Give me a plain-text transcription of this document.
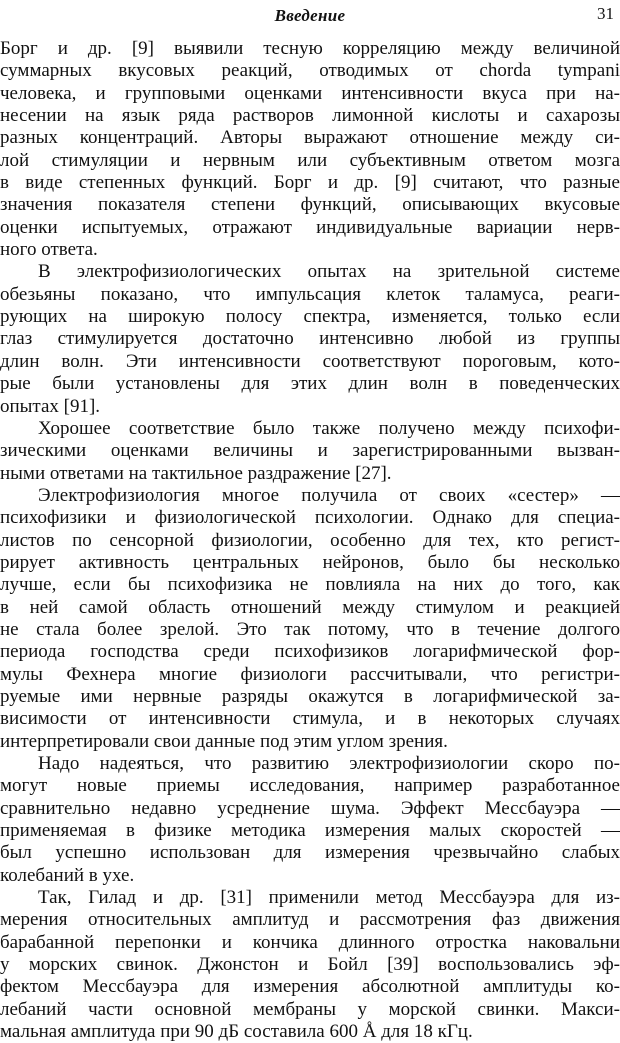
Введение	31
Борг и др. [9] выявили тесную корреляцию между величиной
суммарных вкусовых реакций, отводимых от chorda tympani
человека, и групповыми оценками интенсивности вкуса при на-
несении на язык ряда растворов лимонной кислоты и сахарозы
разных концентраций. Авторы выражают отношение между си-
лой стимуляции и нервным или субъективным ответом мозга
в виде степенных функций. Борг и др. [9] считают, что разные
значения показателя степени функций, описывающих вкусовые
оценки испытуемых, отражают индивидуальные вариации нерв-
ного ответа.
В электрофизиологических опытах на зрительной системе
обезьяны показано, что импульсация клеток таламуса, реаги-
рующих на широкую полосу спектра, изменяется, только если
глаз стимулируется достаточно интенсивно любой из группы
длин волн. Эти интенсивности соответствуют пороговым, кото-
рые были установлены для этих длин волн в поведенческих
опытах [91].
Хорошее соответствие было также получено между психофи-
зическими оценками величины и зарегистрированными вызван-
ными ответами на тактильное раздражение [27].
Электрофизиология многое получила от своих «сестер» —
психофизики и физиологической психологии. Однако для специа-
листов по сенсорной физиологии, особенно для тех, кто регист-
рирует активность центральных нейронов, было бы несколько
лучше, если бы психофизика не повлияла на них до того, как
в ней самой область отношений между стимулом и реакцией
не стала более зрелой. Это так потому, что в течение долгого
периода господства среди психофизиков логарифмической фор-
мулы Фехнера многие физиологи рассчитывали, что регистри-
руемые ими нервные разряды окажутся в логарифмической за-
висимости от интенсивности стимула, и в некоторых случаях
интерпретировали свои данные под этим углом зрения.
Надо надеяться, что развитию электрофизиологии скоро по-
могут новые приемы исследования, например разработанное
сравнительно недавно усреднение шума. Эффект Мессбауэра —
применяемая в физике методика измерения малых скоростей —
был успешно использован для измерения чрезвычайно слабых
колебаний в ухе.
Так, Гилад и др. [31] применили метод Мессбауэра для из-
мерения относительных амплитуд и рассмотрения фаз движения
барабанной перепонки и кончика длинного отростка наковальни
у морских свинок. Джонстон и Бойл [39] воспользовались эф-
фектом Мессбауэра для измерения абсолютной амплитуды ко-
лебаний части основной мембраны у морской свинки. Макси-
мальная амплитуда при 90 дБ составила 600 Å для 18 кГц.
